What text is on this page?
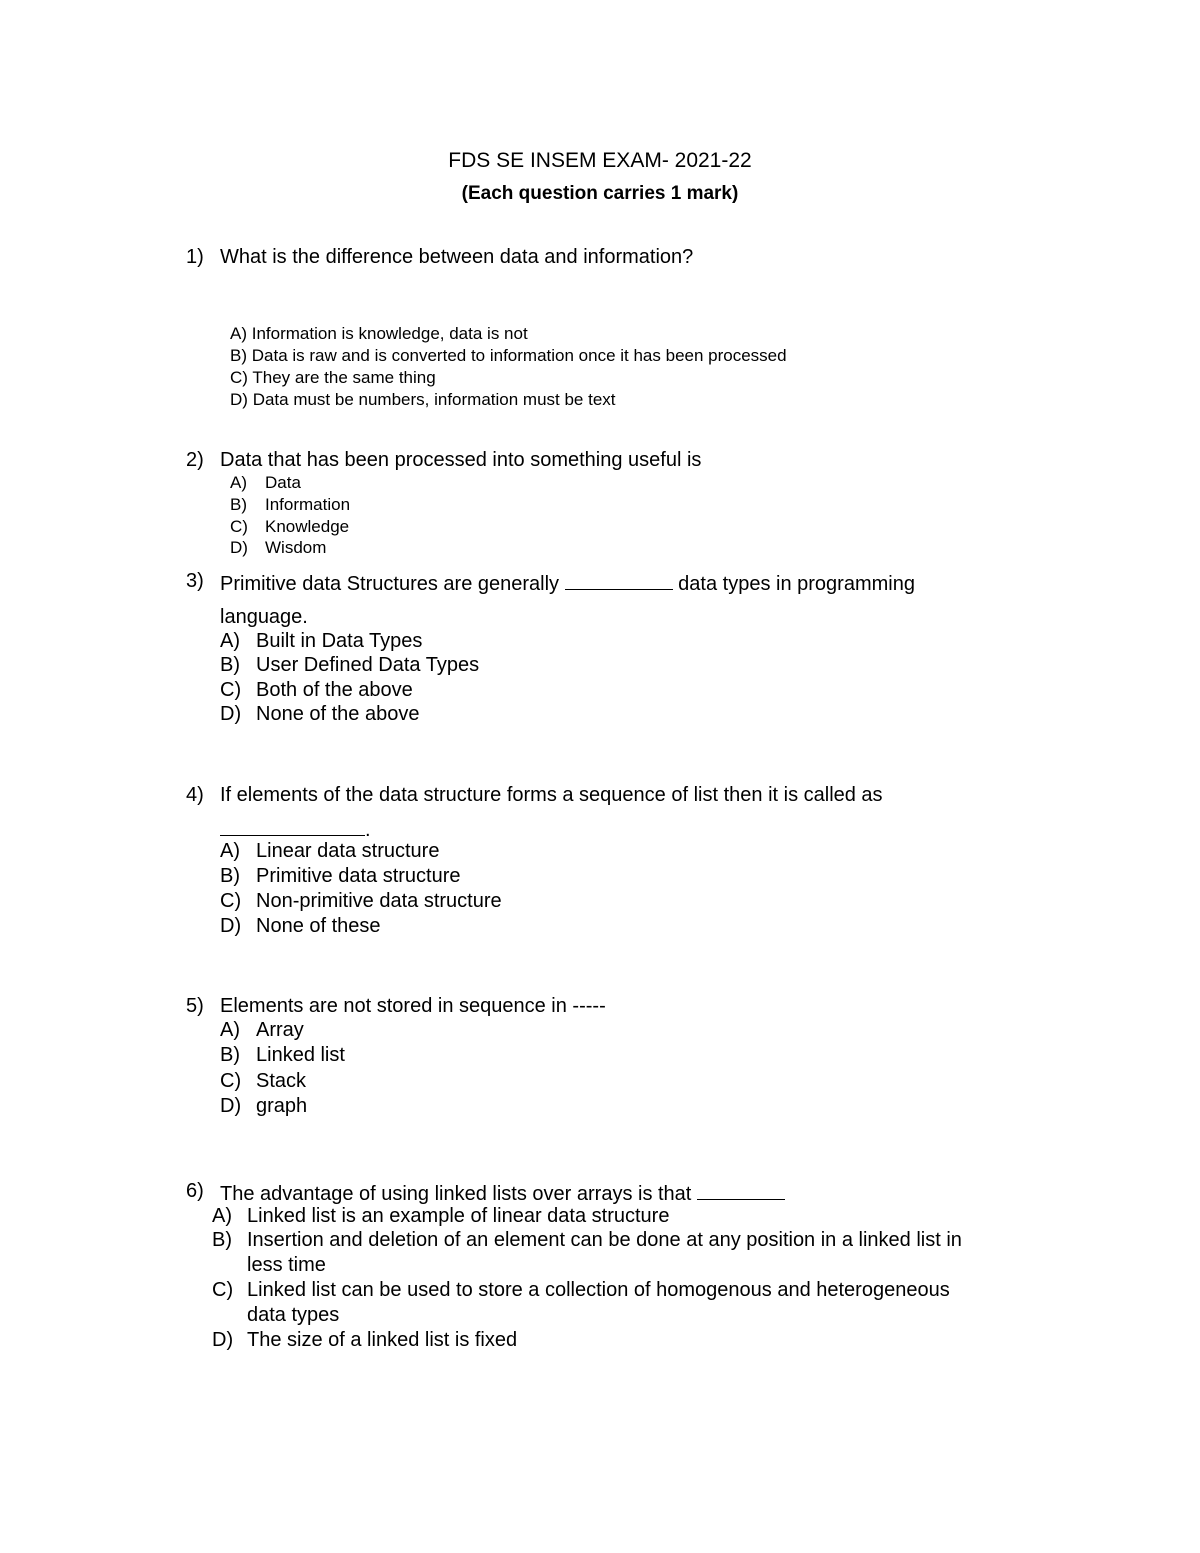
FDS SE INSEM EXAM- 2021-22
(Each question carries 1 mark)
1) What is the difference between data and information?
A) Information is knowledge, data is not
B) Data is raw and is converted to information once it has been processed
C) They are the same thing
D) Data must be numbers, information must be text
2) Data that has been processed into something useful is
A) Data
B) Information
C) Knowledge
D) Wisdom
3) Primitive data Structures are generally	data types in programming
language.
A) Built in Data Types
B) User Defined Data Types
C) Both of the above
D) None of the above
4) If elements of the data structure forms a sequence of list then it is called as
.
A) Linear data structure
B) Primitive data structure
C) Non-primitive data structure
D) None of these
5) Elements are not stored in sequence in -----
A) Array
B) Linked list
C) Stack
D) graph
6) The advantage of using linked lists over arrays is that
A) Linked list is an example of linear data structure
B) Insertion and deletion of an element can be done at any position in a linked list in
less time
C) Linked list can be used to store a collection of homogenous and heterogeneous
data types
D) The size of a linked list is fixed
